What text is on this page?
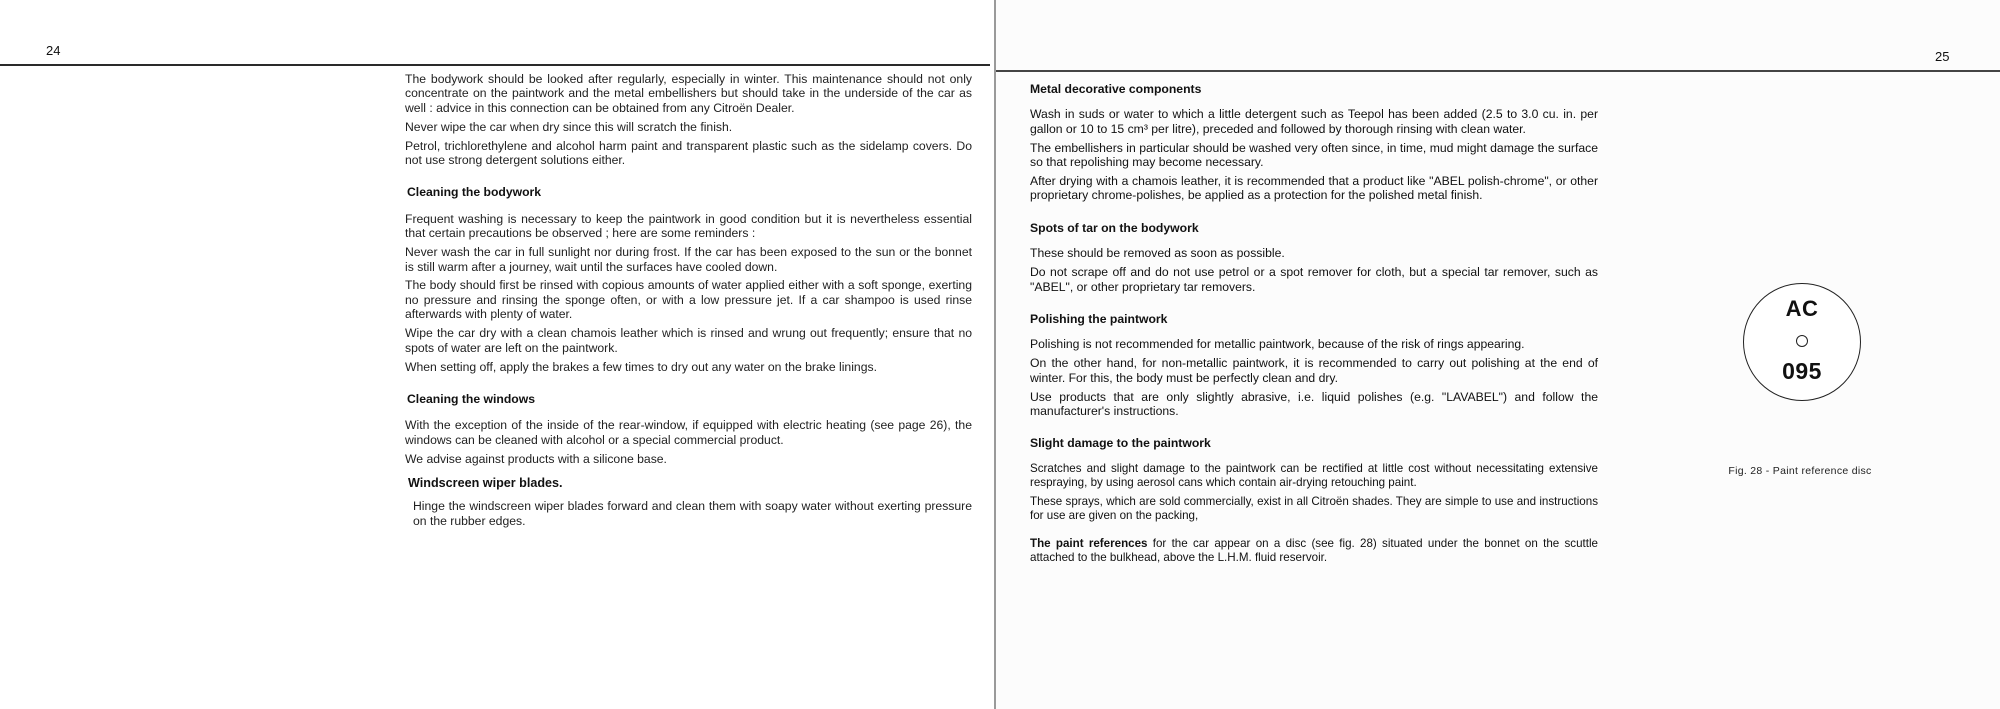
24

The bodywork should be looked after regularly, especially in winter. This maintenance should not only concentrate on the paintwork and the metal embellishers but should take in the underside of the car as well : advice in this connection can be obtained from any Citroën Dealer.

Never wipe the car when dry since this will scratch the finish.

Petrol, trichlorethylene and alcohol harm paint and transparent plastic such as the sidelamp covers. Do not use strong detergent solutions either.

Cleaning the bodywork

Frequent washing is necessary to keep the paintwork in good condition but it is nevertheless essential that certain precautions be observed ; here are some reminders :

Never wash the car in full sunlight nor during frost. If the car has been exposed to the sun or the bonnet is still warm after a journey, wait until the surfaces have cooled down.

The body should first be rinsed with copious amounts of water applied either with a soft sponge, exerting no pressure and rinsing the sponge often, or with a low pressure jet. If a car shampoo is used rinse afterwards with plenty of water.

Wipe the car dry with a clean chamois leather which is rinsed and wrung out frequently; ensure that no spots of water are left on the paintwork.

When setting off, apply the brakes a few times to dry out any water on the brake linings.

Cleaning the windows

With the exception of the inside of the rear-window, if equipped with electric heating (see page 26), the windows can be cleaned with alcohol or a special commercial product.

We advise against products with a silicone base.

Windscreen wiper blades.

Hinge the windscreen wiper blades forward and clean them with soapy water without exerting pressure on the rubber edges.

25
Metal decorative components

Wash in suds or water to which a little detergent such as Teepol has been added (2.5 to 3.0 cu. in. per gallon or 10 to 15 cm³ per litre), preceded and followed by thorough rinsing with clean water.

The embellishers in particular should be washed very often since, in time, mud might damage the surface so that repolishing may become necessary.

After drying with a chamois leather, it is recommended that a product like "ABEL polish-chrome", or other proprietary chrome-polishes, be applied as a protection for the polished metal finish.

Spots of tar on the bodywork

These should be removed as soon as possible.

Do not scrape off and do not use petrol or a spot remover for cloth, but a special tar remover, such as "ABEL", or other proprietary tar removers.

Polishing the paintwork

Polishing is not recommended for metallic paintwork, because of the risk of rings appearing.

On the other hand, for non-metallic paintwork, it is recommended to carry out polishing at the end of winter. For this, the body must be perfectly clean and dry.

Use products that are only slightly abrasive, i.e. liquid polishes (e.g. "LAVABEL") and follow the manufacturer's instructions.

Slight damage to the paintwork

Scratches and slight damage to the paintwork can be rectified at little cost without necessitating extensive respraying, by using aerosol cans which contain air-drying retouching paint.

These sprays, which are sold commercially, exist in all Citroën shades. They are simple to use and instructions for use are given on the packing,

The paint references for the car appear on a disc (see fig. 28) situated under the bonnet on the scuttle attached to the bulkhead, above the L.H.M. fluid reservoir.

AC
095
Fig. 28 - Paint reference disc
